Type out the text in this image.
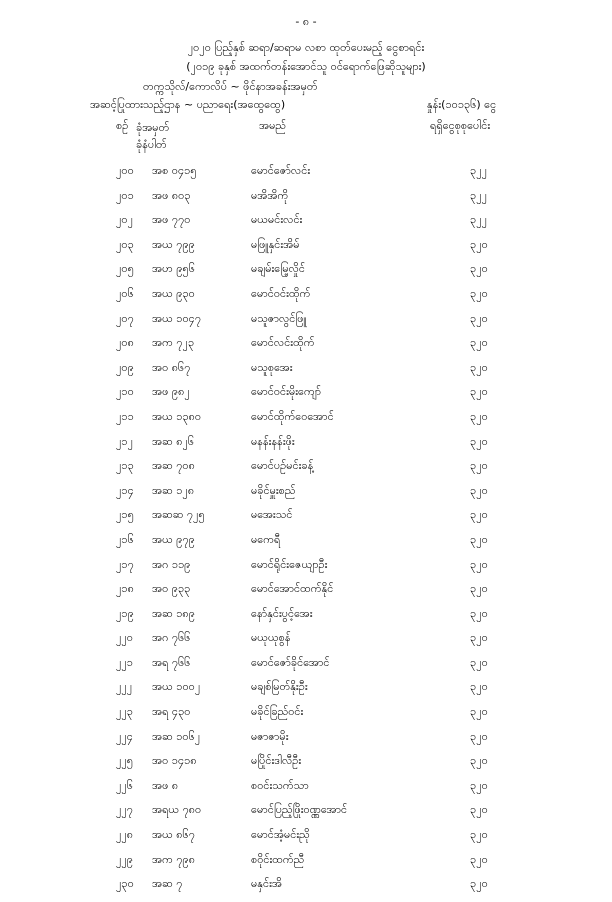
- ၈ -
၂၀၂၀ ပြည့်နှစ် ဆရာ/ဆရာမ လစာ ထုတ်ပေးမည့် ငွေစာရင်း
(၂၀၁၉ ခုနှစ် အထက်တန်းအောင်သူ ဝင်ရောက်ဖြေဆိုသူများ)
တက္ကသိုလ်/ကောလိပ် ~ ဖိုင်နာအခန်းအမှတ်
အဆင့်ပြုထားသည့်ဌာန ~ ပညာရေး(အထွေထွေ)	နှုန်း(၁၀၁၃၆) ငွေ
စဉ် ခုံအမှတ်
ခုံနံပါတ်
အမည်	ရရှိငွေစုစုပေါင်း
၂၀၀ အစ ၀၄၁၅	မောင်ဇော်လင်း	၃၂၂
၂၀၁ အဖ ၈၀၃	မအိအိကို	၃၂၂
၂၀၂ အဖ ၇၇၀	မယမင်းလင်း	၃၂၂
၂၀၃ အယ ၇၉၉	မဖြူနှင်းအိမ်	၃၂၀
၂၀၅ အဟ ၉၅၆	မချမ်းမြေ့လှိုင်	၃၂၀
၂၀၆ အယ ၉၃၀	မောင်ဝင်းထိုက်	၃၂၀
၂၀၇ အယ ၁၀၄၇	မသူဇာလွင်ဖြူ	၃၂၀
၂၀၈ အက ၇၂၃	မောင်လင်းထိုက်	၃၂၀
၂၀၉ အဝ ၈၆၇	မသူစုအေး	၃၂၀
၂၁၀ အဖ ၉၈၂	မောင်ဝင်းမိုးကျော်	၃၂၀
၂၁၁ အယ ၁၃၈၀	မောင်ထိုက်ဝေအောင်	၃၂၀
၂၁၂ အဆ ၈၂၆	မနန်းနန်းဖိုး	၃၂၀
၂၁၃ အဆ ၇၀၈	မောင်ပဉ်မင်းခန့်	၃၂၀
၂၁၄ အဆ ၁၂၈	မခိုင်မှူးစည်	၃၂၀
၂၁၅ အဆဆ ၇၂၅	မအေးသင်	၃၂၀
၂၁၆ အယ ၉၇၉	မကေရီ	၃၂၀
၂၁၇ အဂ ၁၁၉	မောင်ရိုင်းဇေယျာဦး	၃၂၀
၂၁၈ အဝ ၉၃၃	မောင်အောင်ထက်နိုင်	၃၂၀
၂၁၉ အဆ ၁၈၉	နော်နှင်းပွင့်အေး	၃၂၀
၂၂၀ အဂ ၇၆၆	မယုယုစွန်	၃၂၀
၂၂၁ အရ ၇၆၆	မောင်ဇော်ခိုင်အောင်	၃၂၀
၂၂၂ အယ ၁၀၀၂	မချစ်မြတ်နိုးဦး	၃၂၀
၂၂၃ အရ ၄၃၀	မခိုင်ခြည်ဝင်း	၃၂၀
၂၂၄ အဆ ၁၀၆၂	မဇာဇာမိုး	၃၂၀
၂၂၅ အဝ ၁၄၁၈	မပြိုင်းဒါလီဦး	၃၂၀
၂၂၆ အဖ ၈	စဝင်းသက်သာ	၃၂၀
၂၂၇ အရယ ၇၈၀	မောင်ပြည့်ဖြိုးဝဏ္ဏအောင်	၃၂၀
၂၂၈ အယ ၈၆၇	မောင်အံ့မင်းညို	၃၂၀
၂၂၉ အက ၇၉၈	စဝိုင်းထက်ညီ	၃၂၀
၂၃၀ အဆ ၇	မနှင်းအိ	၃၂၀
